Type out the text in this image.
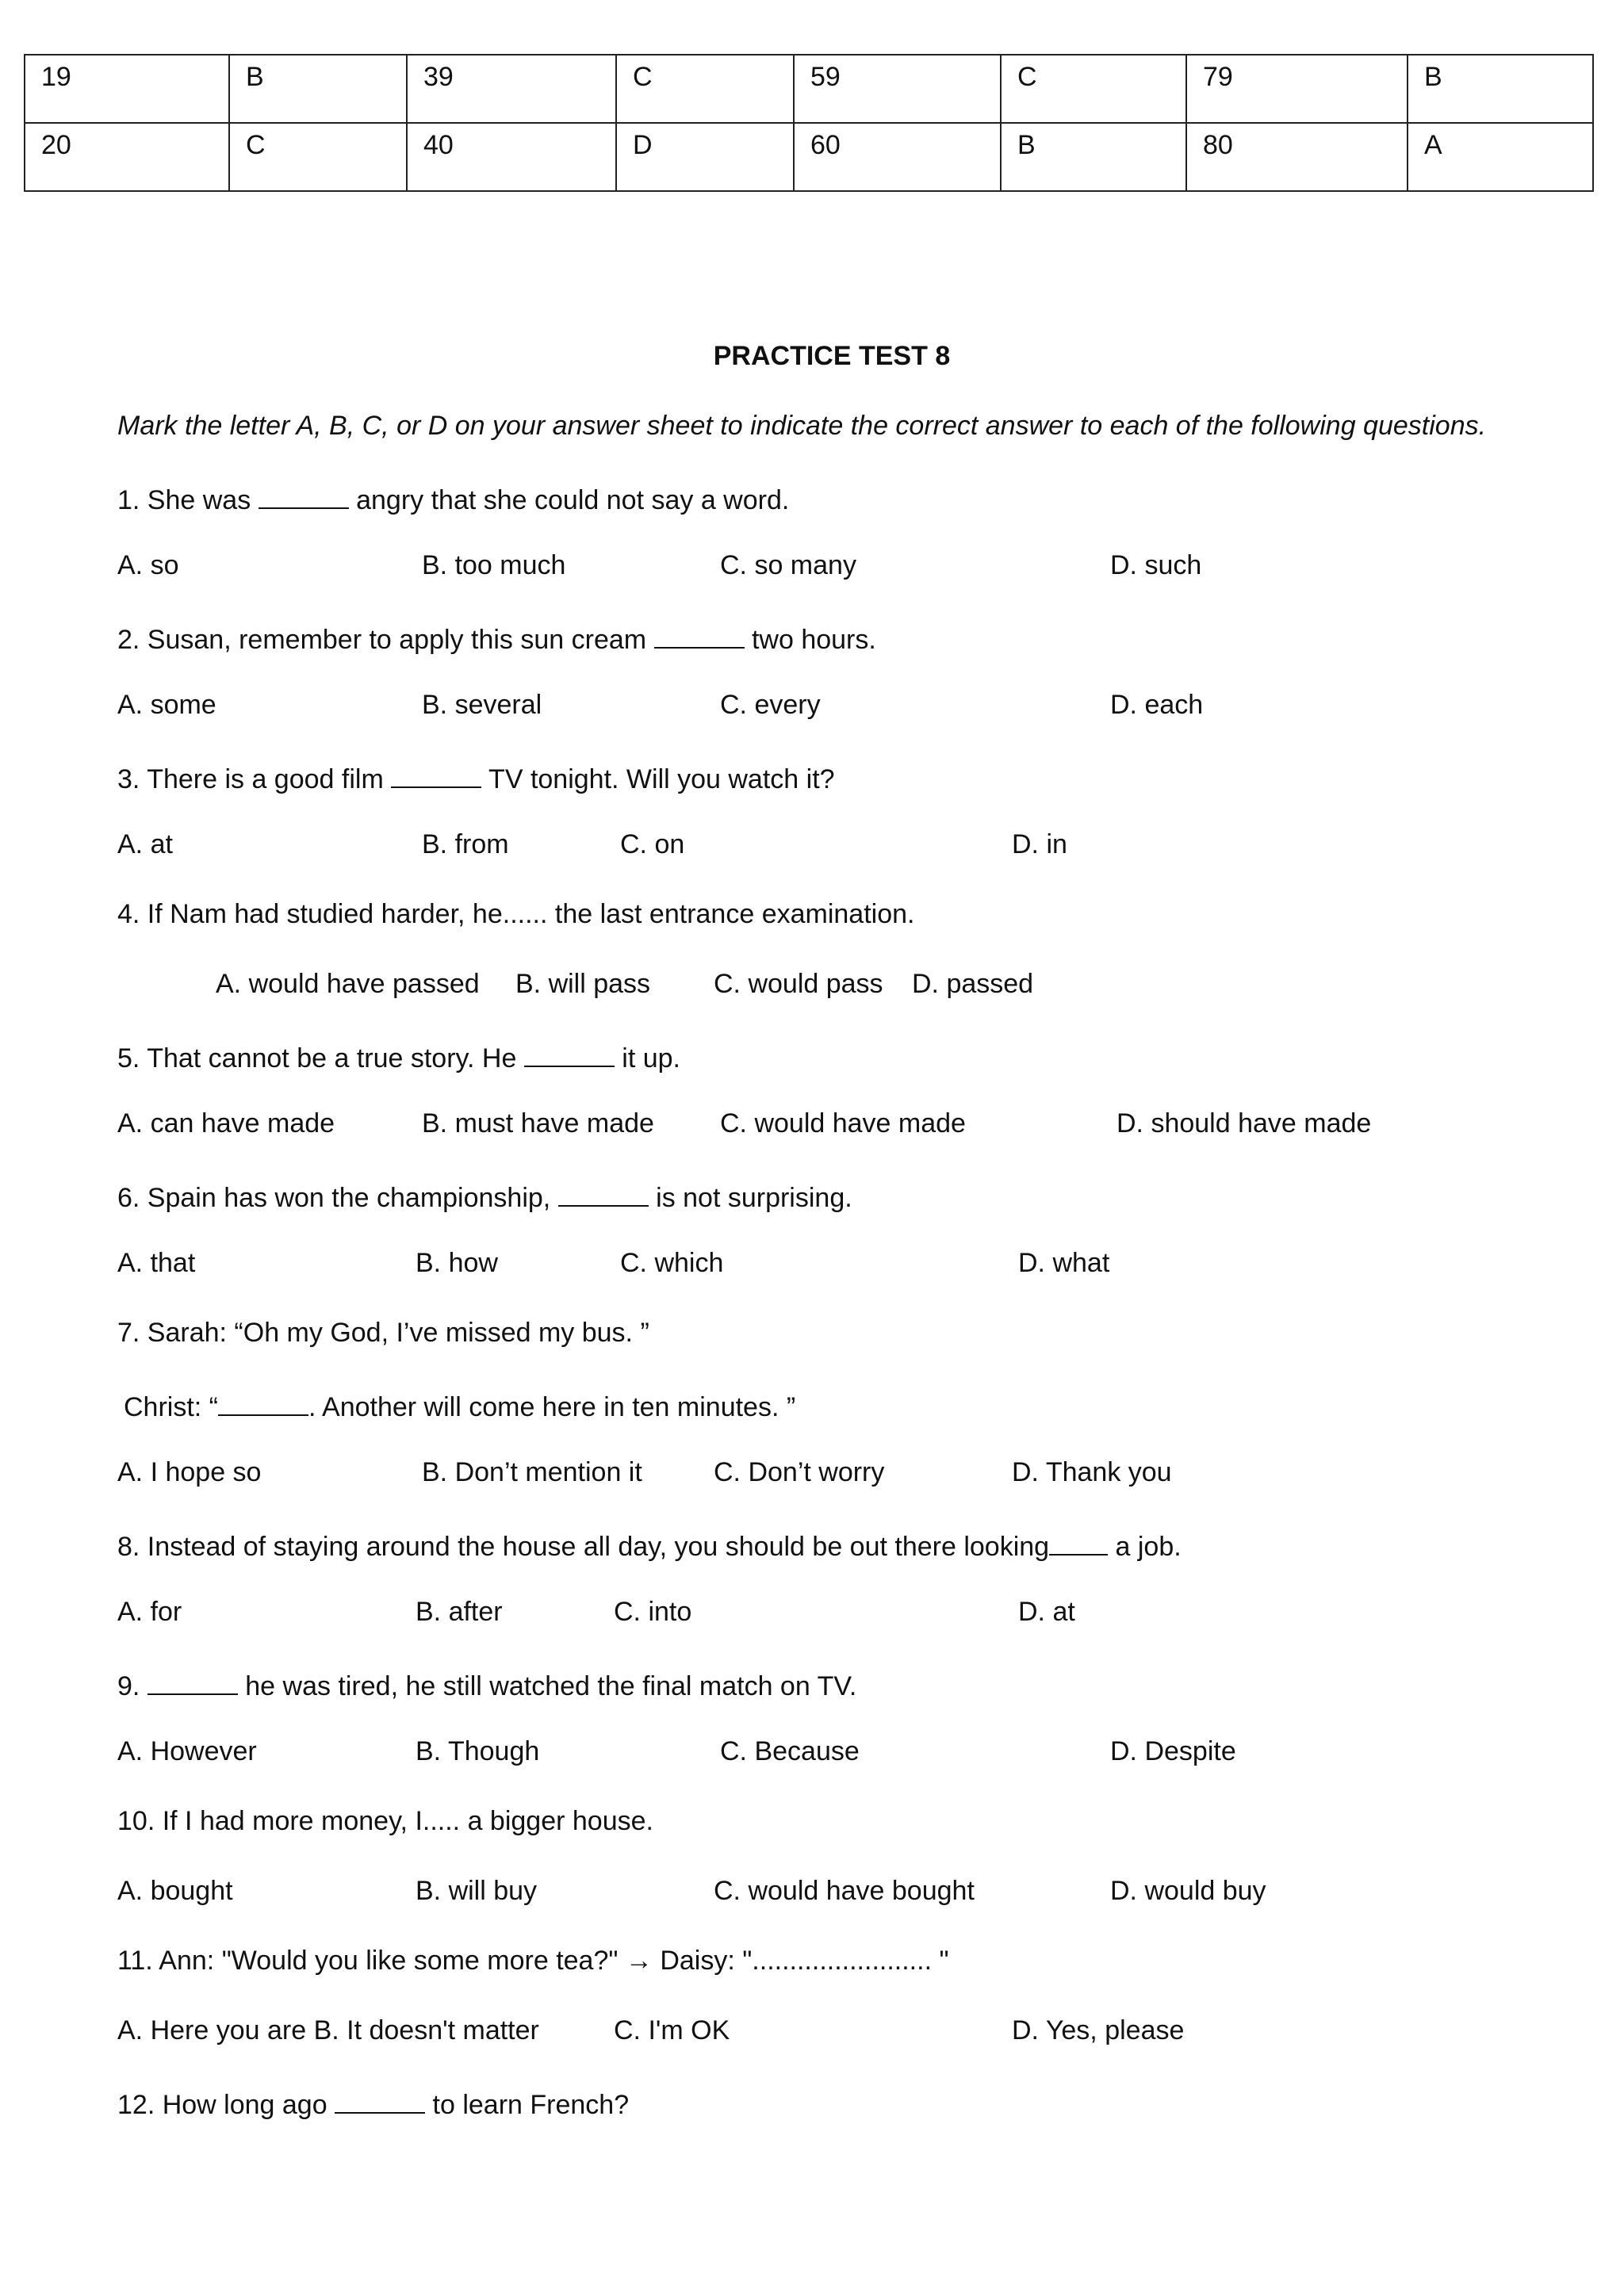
19	B	39	C	59	C	79	B
20	C	40	D	60	B	80	A
PRACTICE TEST 8
Mark the letter A, B, C, or D on your answer sheet to indicate the correct answer to each of the following questions.
1. She was	angry that she could not say a word.
A. so	B. too much	C. so many	D. such
2. Susan, remember to apply this sun cream	two hours.
A. some	B. several	C. every	D. each
3. There is a good film	TV tonight. Will you watch it?
A. at	B. from	C. on	D. in
4. If Nam had studied harder, he...... the last entrance examination.
A. would have passed B. will pass C. would pass D. passed
5. That cannot be a true story. He	it up.
A. can have made	B. must have made C. would have made	D. should have made
6. Spain has won the championship,	is not surprising.
A. that	B. how	C. which	D. what
7. Sarah: “Oh my God, I’ve missed my bus. ”
Christ: “	. Another will come here in ten minutes. ”
A. I hope so	B. Don’t mention it	C. Don’t worry	D. Thank you
8. Instead of staying around the house all day, you should be out there looking a job.
A. for	B. after	C. into	D. at
9.	he was tired, he still watched the final match on TV.
A. However	B. Though	C. Because	D. Despite
10. If I had more money, I..... a bigger house.
A. bought	B. will buy	C. would have bought	D. would buy
11. Ann: "Would you like some more tea?" → Daisy: "........................ "
A. Here you are B. It doesn't matter	C. I'm OK	D. Yes, please
12. How long ago	to learn French?
